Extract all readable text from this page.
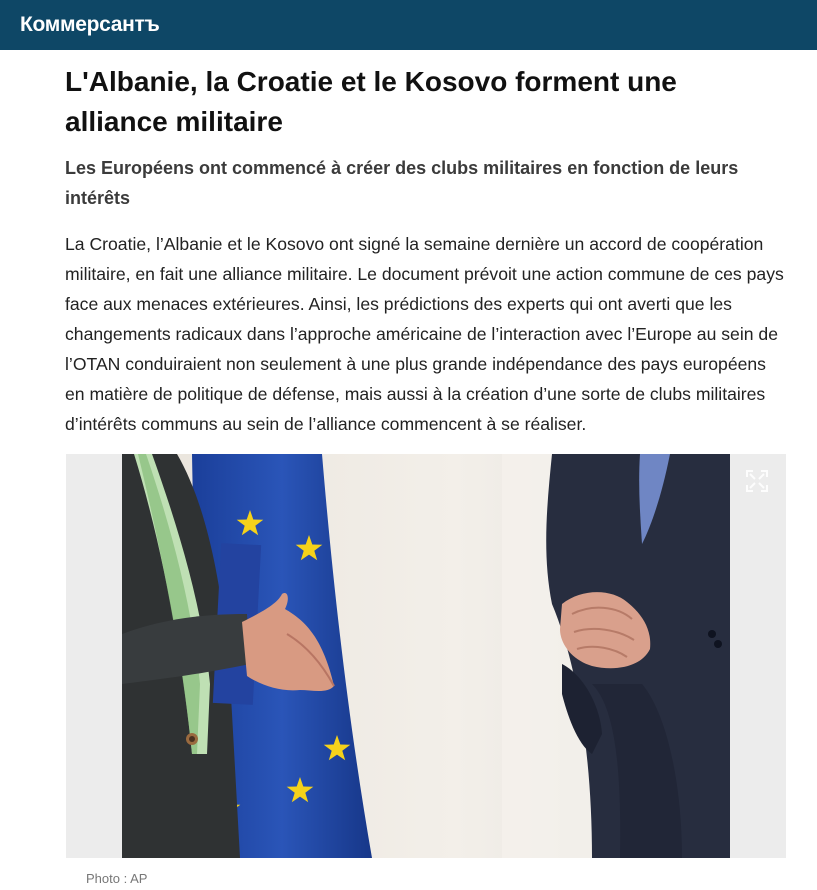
Коммерсантъ
L'Albanie, la Croatie et le Kosovo forment une alliance militaire

Les Européens ont commencé à créer des clubs militaires en fonction de leurs intérêts

La Croatie, l’Albanie et le Kosovo ont signé la semaine dernière un accord de coopération militaire, en fait une alliance militaire. Le document prévoit une action commune de ces pays face aux menaces extérieures. Ainsi, les prédictions des experts qui ont averti que les changements radicaux dans l’approche américaine de l’interaction avec l’Europe au sein de l’OTAN conduiraient non seulement à une plus grande indépendance des pays européens en matière de politique de défense, mais aussi à la création d’une sorte de clubs militaires d’intérêts communs au sein de l’alliance commencent à se réaliser.

Photo : AP
